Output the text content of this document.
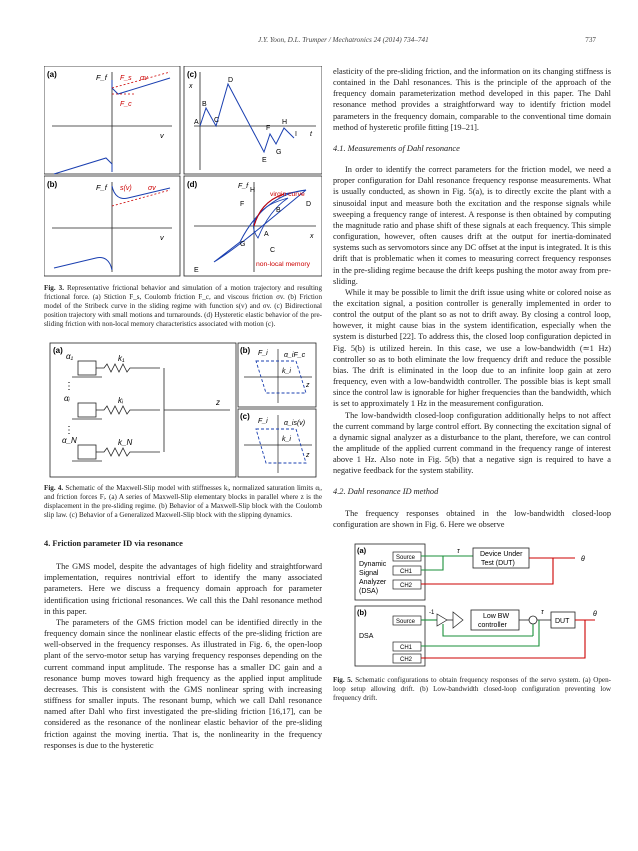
J.Y. Yoon, D.L. Trumper / Mechatronics 24 (2014) 734–741	737
(a)	F_f F_s σv
F_c
v
(c)
x
t
A
B
C
D
E
F
G
H
I
(b)	F_f s(v) σv
v
(d)	F_f
virgin curve
non-local memory
x
F
H
B
D
A
C
G
E
Fig. 3. Representative frictional behavior and simulation of a motion trajectory and resulting frictional force. (a) Stiction F_s, Coulomb friction F_c, and viscous friction σv. (b) Friction model of the Stribeck curve in the sliding regime with function s(v) and σv. (c) Bidirectional position trajectory with small motions and turnarounds. (d) Hysteretic elastic behavior of the pre-sliding friction with non-local memory characteristics associated with motion (c).
(a)
⋮
⋮
α₁	k₁
αᵢ	kᵢ
α_N	k_N
z
(b) F_i α_iF_c
k_i
z
(c)
F_i α_is(v)
k_i
z
Fig. 4. Schematic of the Maxwell-Slip model with stiffnesses kᵢ, normalized saturation limits αᵢ, and friction forces Fᵢ. (a) A series of Maxwell-Slip elementary blocks in parallel where z is the displacement in the pre-sliding regime. (b) Behavior of a Maxwell-Slip block with the Coulomb slip law. (c) Behavior of a Generalized Maxwell-Slip block with the slipping dynamics.
4. Friction parameter ID via resonance

The GMS model, despite the advantages of high fidelity and straightforward implementation, requires nontrivial effort to identify the many associated parameters. Here we discuss a frequency domain approach for parameter identification using frictional resonances. We call this the Dahl resonance method in this paper.

The parameters of the GMS friction model can be identified directly in the frequency domain since the nonlinear elastic effects of the pre-sliding friction are well-observed in the frequency responses. As illustrated in Fig. 6, the open-loop plant of the servo-motor setup has varying frequency responses depending on the current command input amplitude. The response has a smaller DC gain and a resonance bump moves toward high frequency as the applied input amplitude decreases. This is consistent with the GMS nonlinear spring with increasing stiffness for smaller inputs. The resonant bump, which we call Dahl resonance named after Dahl who first investigated the pre-sliding friction [16,17], can be considered as the resonance of the nonlinear elastic behavior of the pre-sliding friction against the moving inertia. That is, the nonlinearity in the frequency responses is due to the hysteretic

elasticity of the pre-sliding friction, and the information on its changing stiffness is contained in the Dahl resonances. This is the principle of the approach of the frequency domain parameterization method developed in this paper. The Dahl resonance method provides a straightforward way to identify friction model parameters in the frequency domain, comparable to the conventional time domain method of hysteretic profile fitting [19–21].

4.1. Measurements of Dahl resonance

In order to identify the correct parameters for the friction model, we need a proper configuration for Dahl resonance frequency response measurements. What is usually conducted, as shown in Fig. 5(a), is to directly excite the plant with a sinusoidal input and measure both the excitation and the response signals while sweeping a frequency range of interest. A response is then obtained by computing the magnitude ratio and phase shift of these signals at each frequency. This simple configuration, however, often causes drift at the output for inertia-dominated systems such as servomotors since any DC offset at the input is integrated. It is this drift that is problematic when it comes to measuring correct frequency responses in the pre-sliding regime because the drift keeps pushing the motor away from pre-sliding.

While it may be possible to limit the drift issue using white or colored noise as the excitation signal, a position controller is generally implemented in order to control the output of the plant so as not to drift away. By closing a control loop, however, it might cause bias in the system identification, especially when the system is disturbed [22]. To address this, the closed loop configuration depicted in Fig. 5(b) is utilized herein. In this case, we use a low-bandwidth (≃1 Hz) controller so as to both eliminate the low frequency drift and reduce the possible bias. The drift is eliminated in the loop due to an infinite loop gain at zero frequency, even with a low-bandwidth controller. The possible bias is kept small since the control law is ignorable for higher frequencies than the bandwidth, which is set to approximately 1 Hz in the measurement configuration.

The low-bandwidth closed-loop configuration additionally helps to not affect the current command by large control effort. By connecting the excitation signal of a dynamic signal analyzer as a disturbance to the plant, therefore, we can control the amplitude of the applied current command in the frequency range of interest above 1 Hz. Also note in Fig. 5(b) that a negative sign is required to have a negative feedback for the system stability.

4.2. Dahl resonance ID method

The frequency responses obtained in the low-bandwidth closed-loop configuration are shown in Fig. 6. Here we observe

(a)
Dynamic
Signal
Analyzer
(DSA)
Source
CH1
CH2
Device Under
Test (DUT)
τ
θ
(b)
DSA
Source
CH1
CH2
-1	Low BW
controller
DUT
τ	θ
Fig. 5. Schematic configurations to obtain frequency responses of the servo system. (a) Open-loop setup allowing drift. (b) Low-bandwidth closed-loop configuration preventing low frequency drift.
